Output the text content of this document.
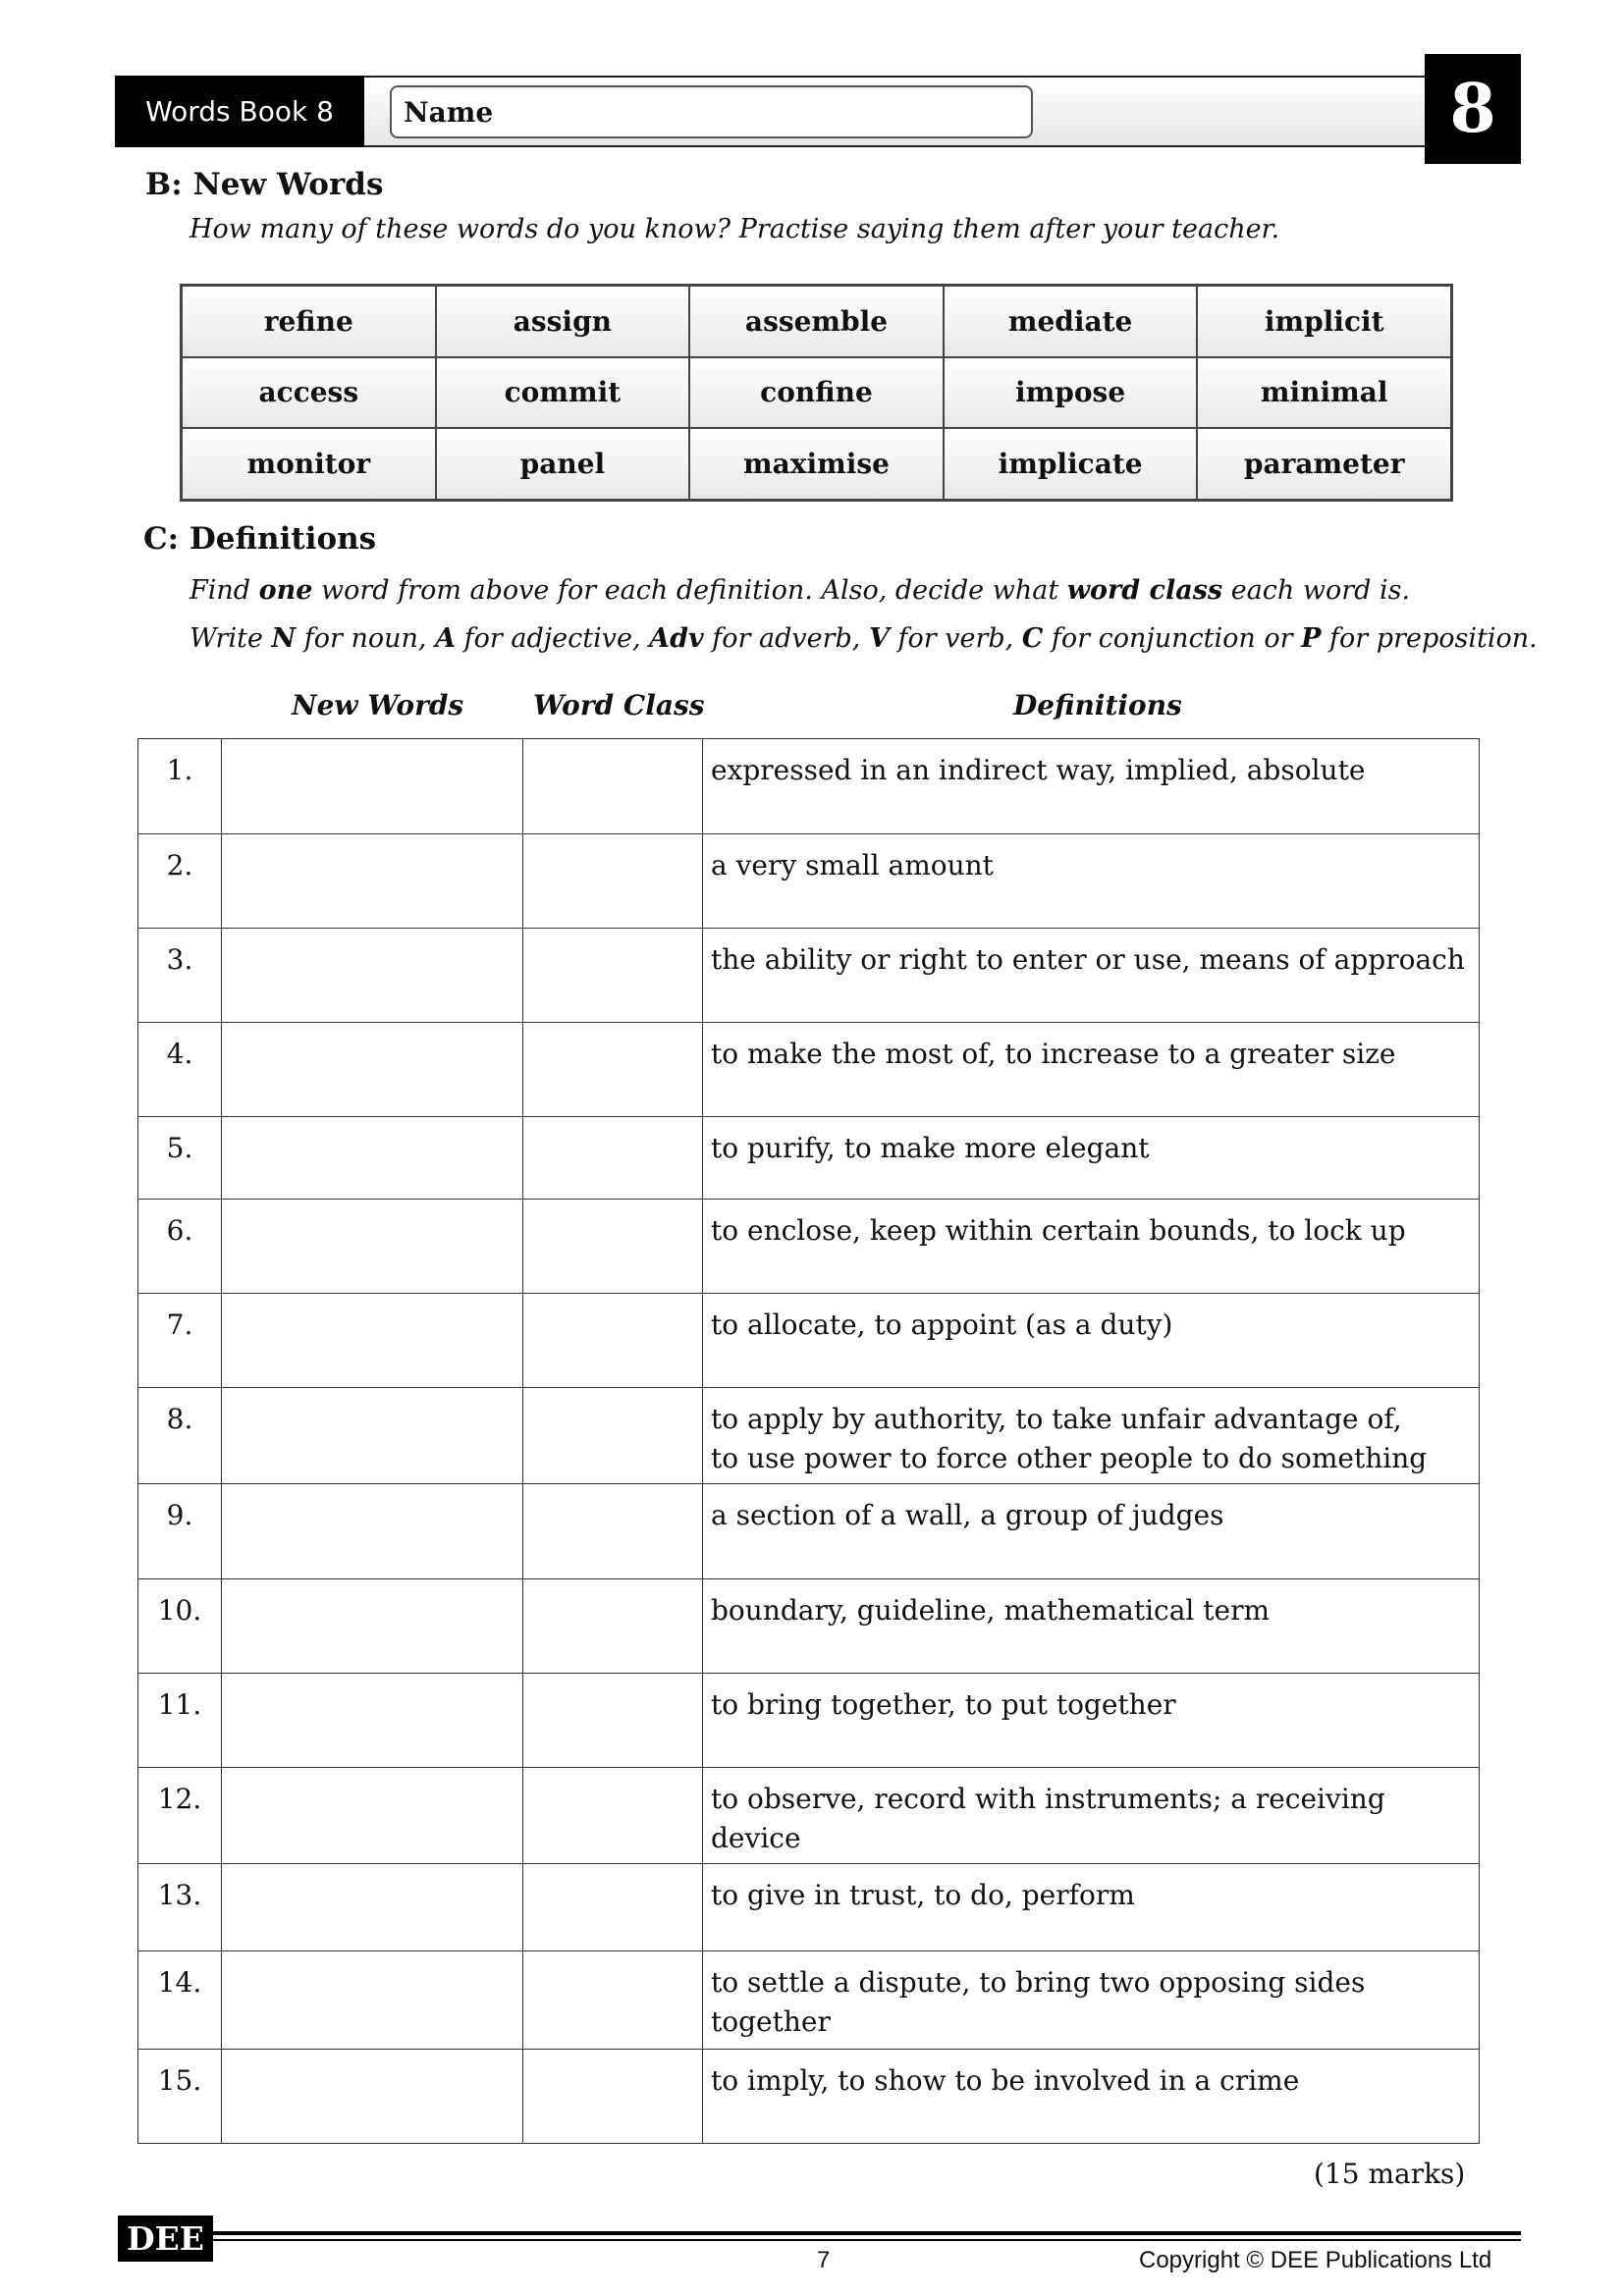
Words Book 8	Name	8
B: New Words
How many of these words do you know? Practise saying them after your teacher.
refine	assign	assemble	mediate	implicit
access	commit	confine	impose	minimal
monitor	panel	maximise	implicate	parameter
C: Definitions
Find one word from above for each definition. Also, decide what word class each word is.
Write N for noun, A for adjective, Adv for adverb, V for verb, C for conjunction or P for preposition.
New Words	Word Class	Definitions
1.			expressed in an indirect way, implied, absolute
2.			a very small amount
3.			the ability or right to enter or use, means of approach
4.			to make the most of, to increase to a greater size
5.			to purify, to make more elegant
6.			to enclose, keep within certain bounds, to lock up
7.			to allocate, to appoint (as a duty)
8.			to apply by authority, to take unfair advantage of,
to use power to force other people to do something
9.			a section of a wall, a group of judges
10.			boundary, guideline, mathematical term
11.			to bring together, to put together
12.			to observe, record with instruments; a receiving device
13.			to give in trust, to do, perform
14.			to settle a dispute, to bring two opposing sides
together
15.			to imply, to show to be involved in a crime
(15 marks)
DEE
7	Copyright © DEE Publications Ltd
